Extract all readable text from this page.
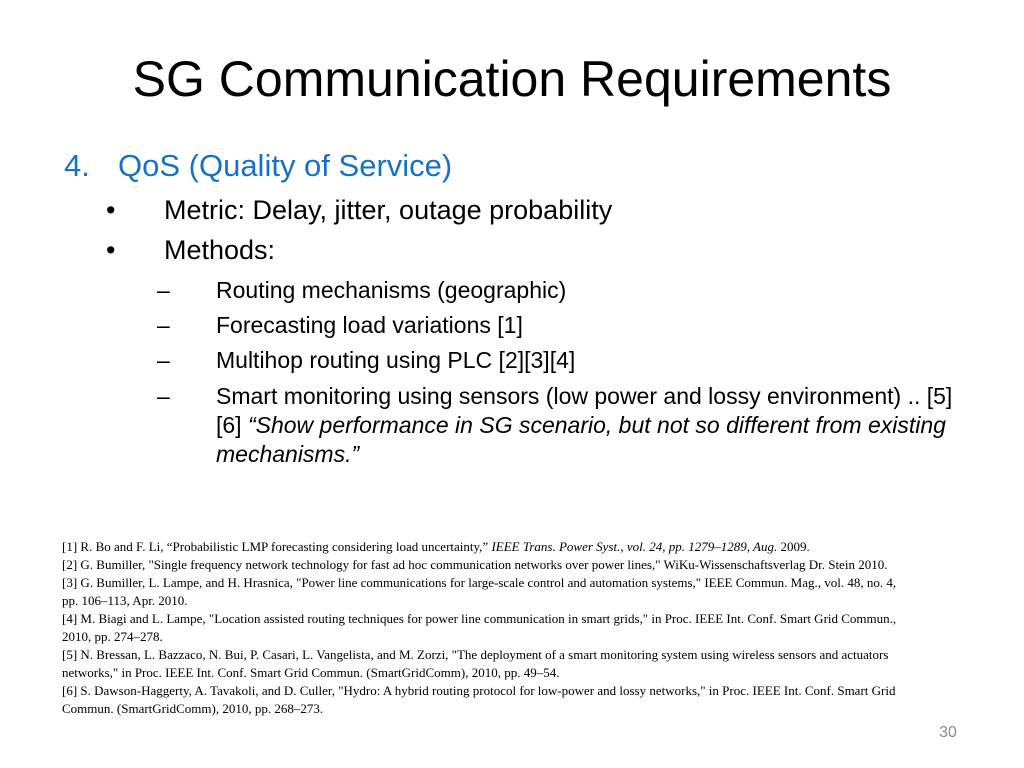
SG Communication Requirements
4. QoS (Quality of Service)
• Metric: Delay, jitter, outage probability
• Methods:
– Routing mechanisms (geographic)
– Forecasting load variations [1]
– Multihop routing using PLC [2][3][4]
– Smart monitoring using sensors (low power and lossy environment) .. [5][6] “Show performance in SG scenario, but not so different from existing mechanisms.”
[1] R. Bo and F. Li, “Probabilistic LMP forecasting considering load uncertainty,” IEEE Trans. Power Syst., vol. 24, pp. 1279–1289, Aug. 2009.
[2] G. Bumiller, "Single frequency network technology for fast ad hoc communication networks over power lines," WiKu-Wissenschaftsverlag Dr. Stein 2010.
[3] G. Bumiller, L. Lampe, and H. Hrasnica, "Power line communications for large-scale control and automation systems," IEEE Commun. Mag., vol. 48, no. 4, pp. 106–113, Apr. 2010.
[4] M. Biagi and L. Lampe, "Location assisted routing techniques for power line communication in smart grids," in Proc. IEEE Int. Conf. Smart Grid Commun., 2010, pp. 274–278.
[5] N. Bressan, L. Bazzaco, N. Bui, P. Casari, L. Vangelista, and M. Zorzi, "The deployment of a smart monitoring system using wireless sensors and actuators networks," in Proc. IEEE Int. Conf. Smart Grid Commun. (SmartGridComm), 2010, pp. 49–54.
[6] S. Dawson-Haggerty, A. Tavakoli, and D. Culler, "Hydro: A hybrid routing protocol for low-power and lossy networks," in Proc. IEEE Int. Conf. Smart Grid Commun. (SmartGridComm), 2010, pp. 268–273.
30
